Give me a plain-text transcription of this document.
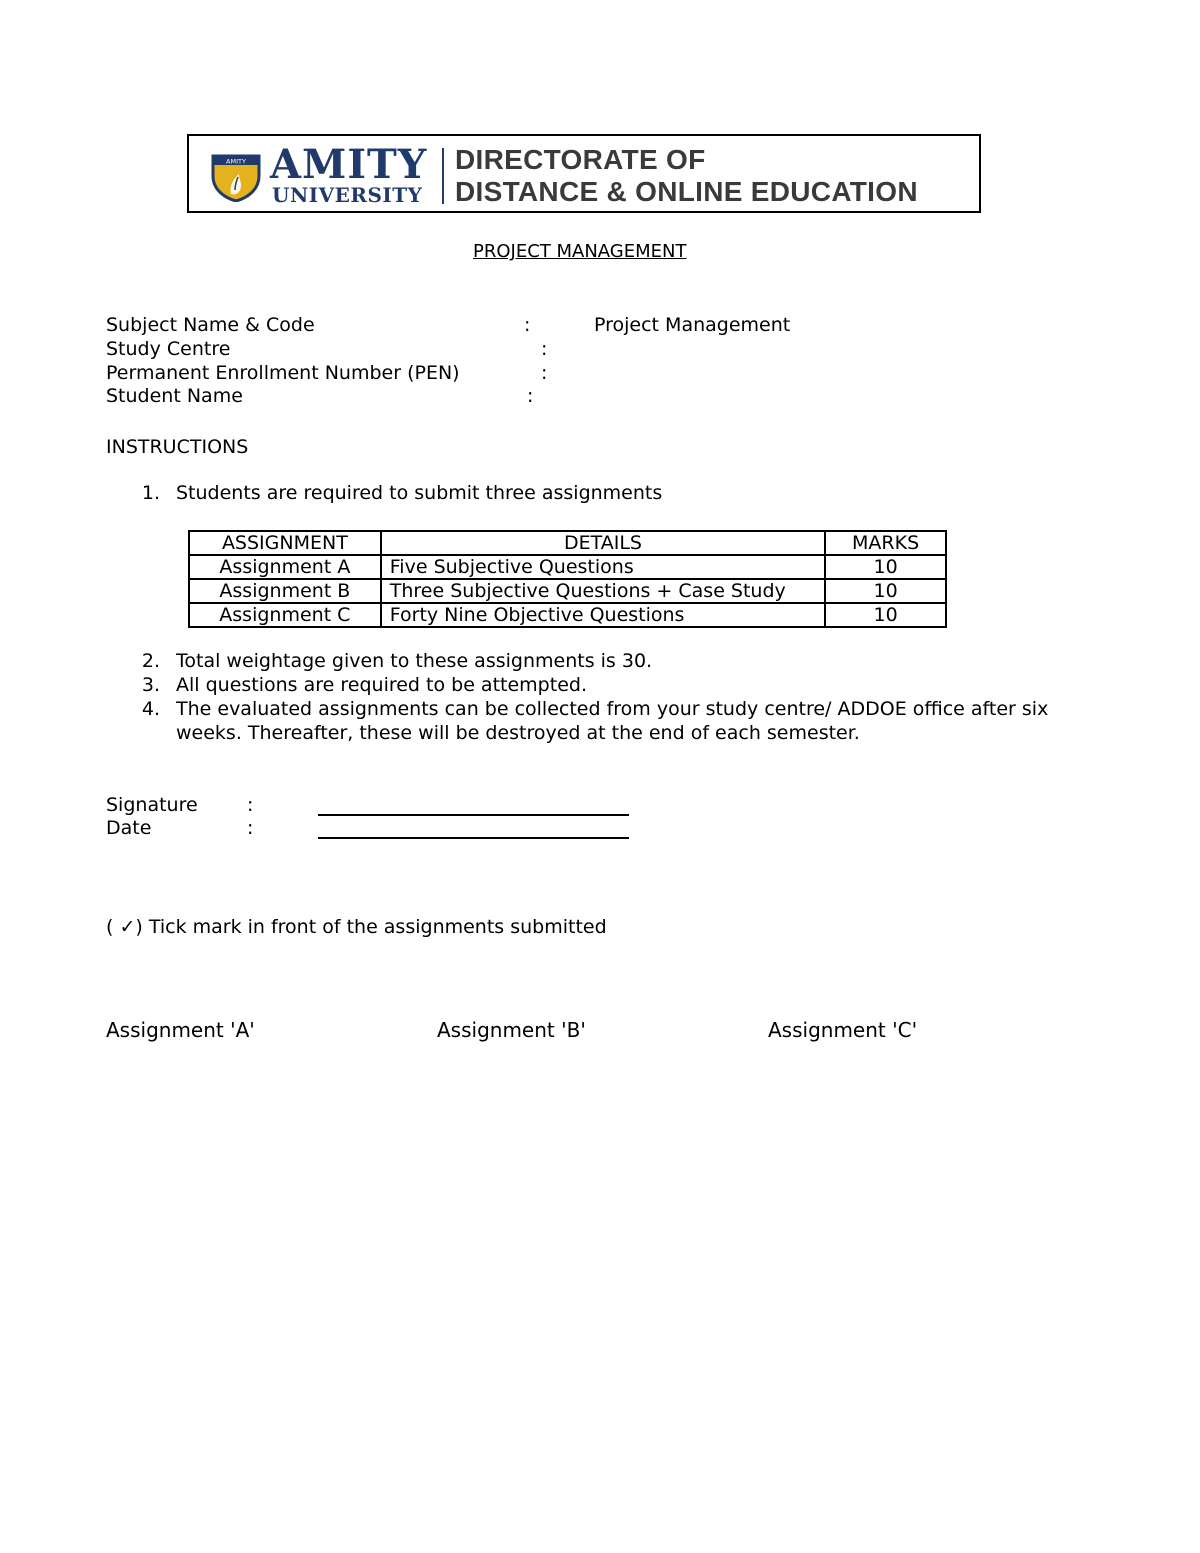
AMITY AMITY
UNIVERSITY
DIRECTORATE OF
DISTANCE & ONLINE EDUCATION
PROJECT MANAGEMENT
Subject Name & Code	:	Project Management
Study Centre	:
Permanent Enrollment Number (PEN)	:
Student Name	:
INSTRUCTIONS
1. Students are required to submit three assignments
ASSIGNMENT	DETAILS	MARKS
Assignment A	Five Subjective Questions	10
Assignment B	Three Subjective Questions + Case Study	10
Assignment C	Forty Nine Objective Questions	10
2. Total weightage given to these assignments is 30.
3. All questions are required to be attempted.
4. The evaluated assignments can be collected from your study centre/ ADDOE office after six
weeks. Thereafter, these will be destroyed at the end of each semester.
Signature	:
Date	:
( ✓) Tick mark in front of the assignments submitted
Assignment 'A'	Assignment 'B'	Assignment 'C'
